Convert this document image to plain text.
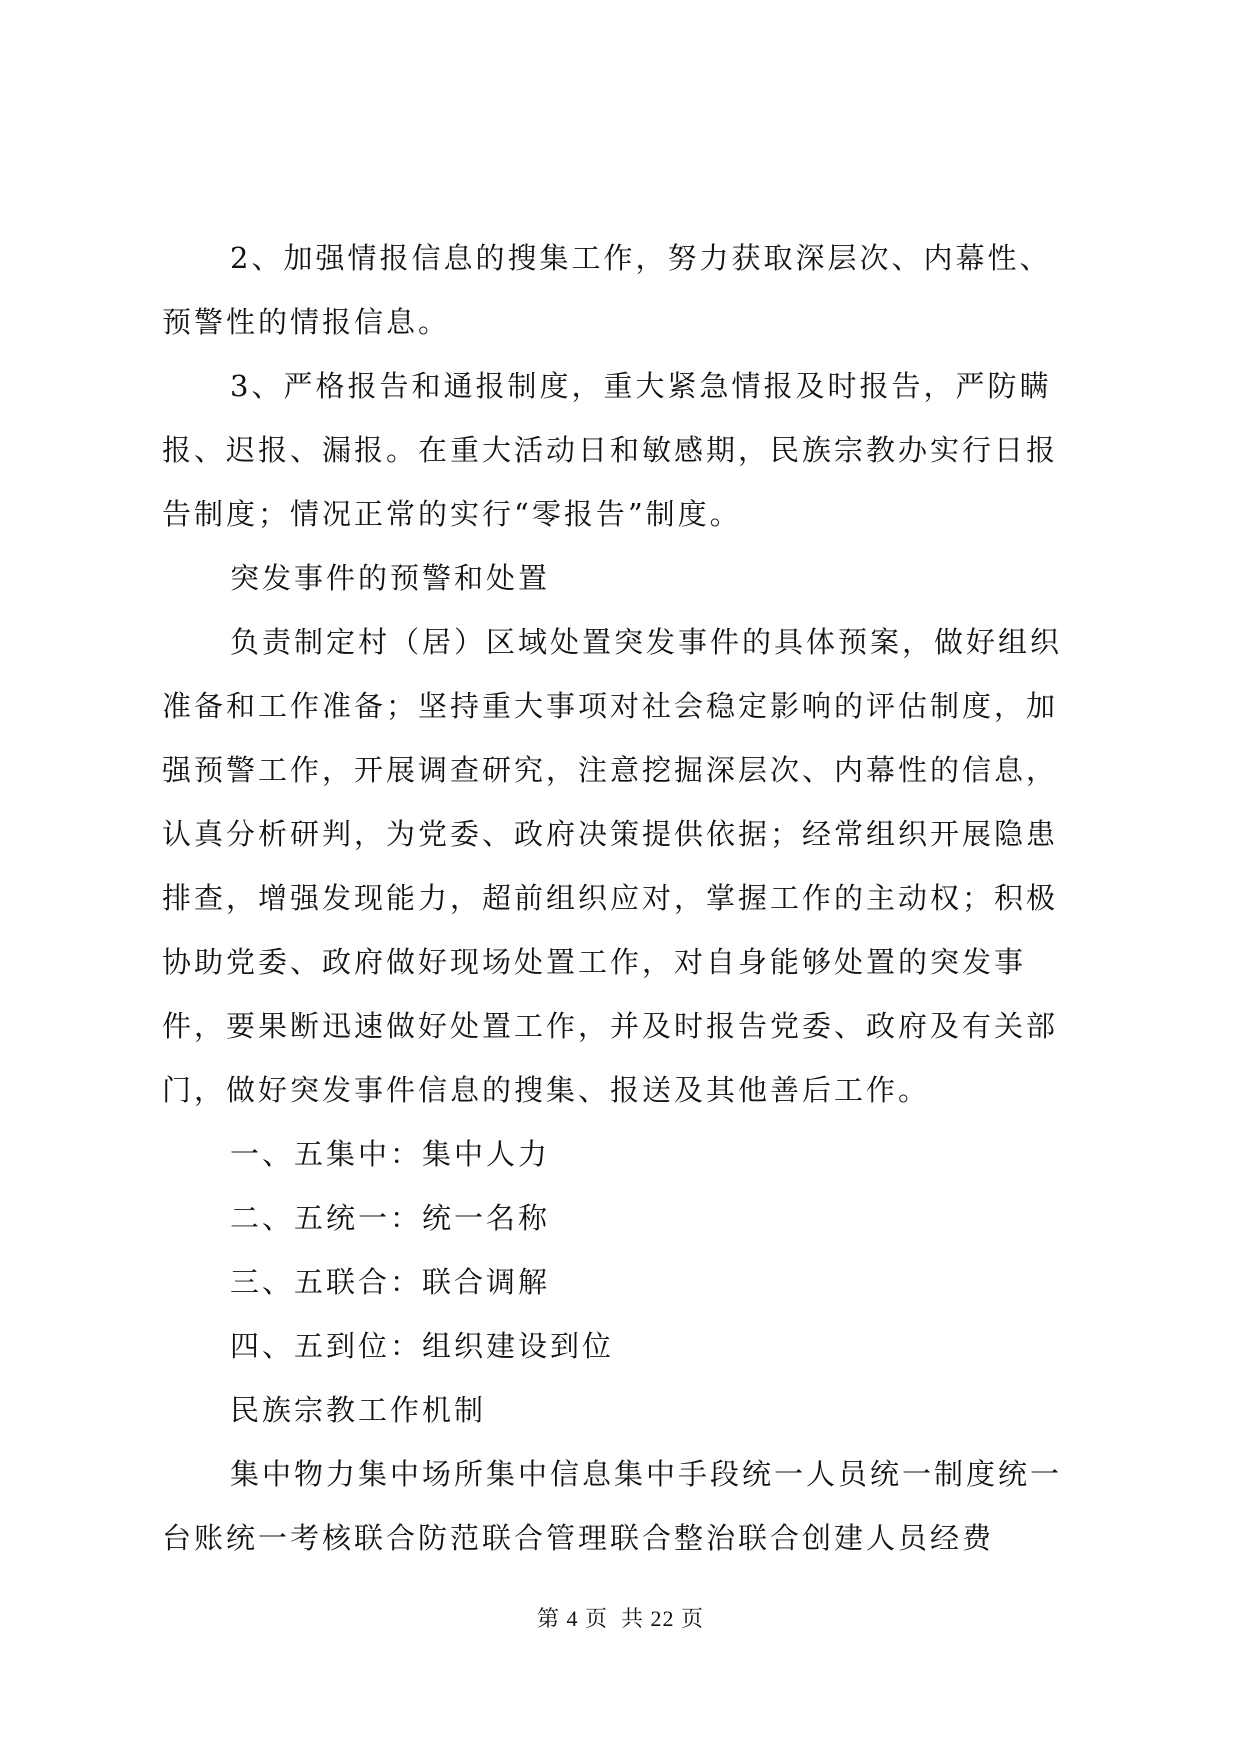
2、加强情报信息的搜集工作，努力获取深层次、内幕性、预警性的情报信息。

3、严格报告和通报制度，重大紧急情报及时报告，严防瞒报、迟报、漏报。在重大活动日和敏感期，民族宗教办实行日报告制度；情况正常的实行“零报告”制度。

突发事件的预警和处置

负责制定村（居）区域处置突发事件的具体预案，做好组织准备和工作准备；坚持重大事项对社会稳定影响的评估制度，加强预警工作，开展调查研究，注意挖掘深层次、内幕性的信息，认真分析研判，为党委、政府决策提供依据；经常组织开展隐患排查，增强发现能力，超前组织应对，掌握工作的主动权；积极协助党委、政府做好现场处置工作，对自身能够处置的突发事件，要果断迅速做好处置工作，并及时报告党委、政府及有关部门，做好突发事件信息的搜集、报送及其他善后工作。

一、五集中：集中人力

二、五统一：统一名称

三、五联合：联合调解

四、五到位：组织建设到位

民族宗教工作机制

集中物力集中场所集中信息集中手段统一人员统一制度统一台账统一考核联合防范联合管理联合整治联合创建人员经费

第 4 页  共 22 页
